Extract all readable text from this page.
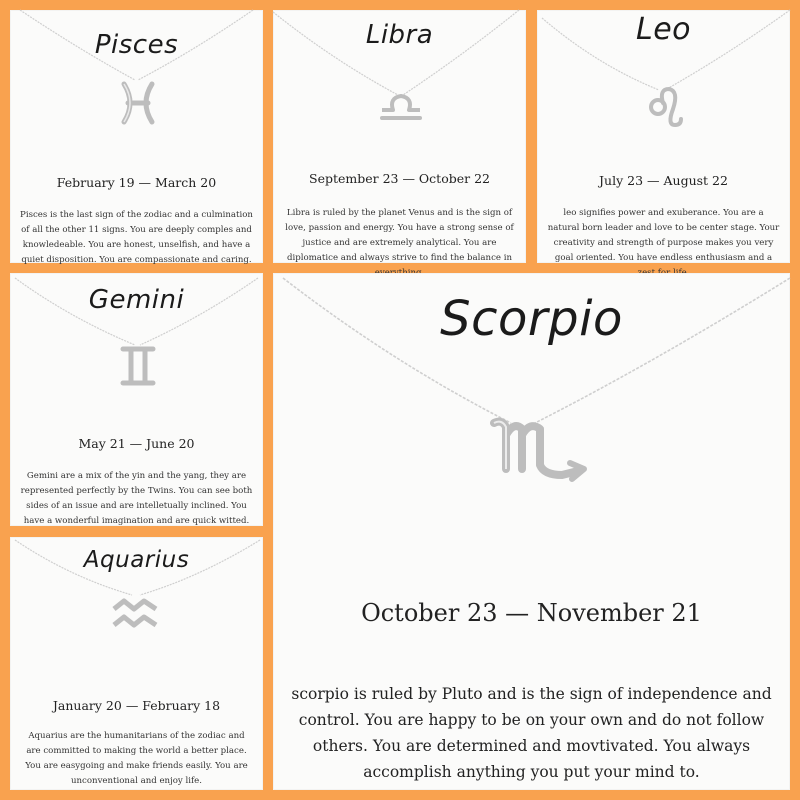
Pisces
February 19 — March 20
Pisces is the last sign of the zodiac and a culmination of all the other 11 signs. You are deeply comples and knowledeable. You are honest, unselfish, and have a quiet disposition. You are compassionate and caring.
Libra
September 23 — October 22
Libra is ruled by the planet Venus and is the sign of love, passion and energy. You have a strong sense of justice and are extremely analytical. You are diplomatice and always strive to find the balance in
Leo
July 23 — August 22
leo signifies power and exuberance. You are a natural born leader and love to be center stage. Your creativity and strength of purpose makes you very goal oriented. You have endless enthusiasm and a
Gemini
May 21 — June 20
Gemini are a mix of the yin and the yang, they are represented perfectly by the Twins. You can see both sides of an issue and are intelletually inclined. You have a wonderful imagination and are quick witted.
Aquarius
January 20 — February 18
Aquarius are the humanitarians of the zodiac and are committed to making the world a better place. You are easygoing and make friends easily. You are unconventional and enjoy life.
Scorpio
October 23 — November 21
scorpio is ruled by Pluto and is the sign of independence and control. You are happy to be on your own and do not follow others. You are determined and movtivated. You always accomplish anything you put your mind to.
